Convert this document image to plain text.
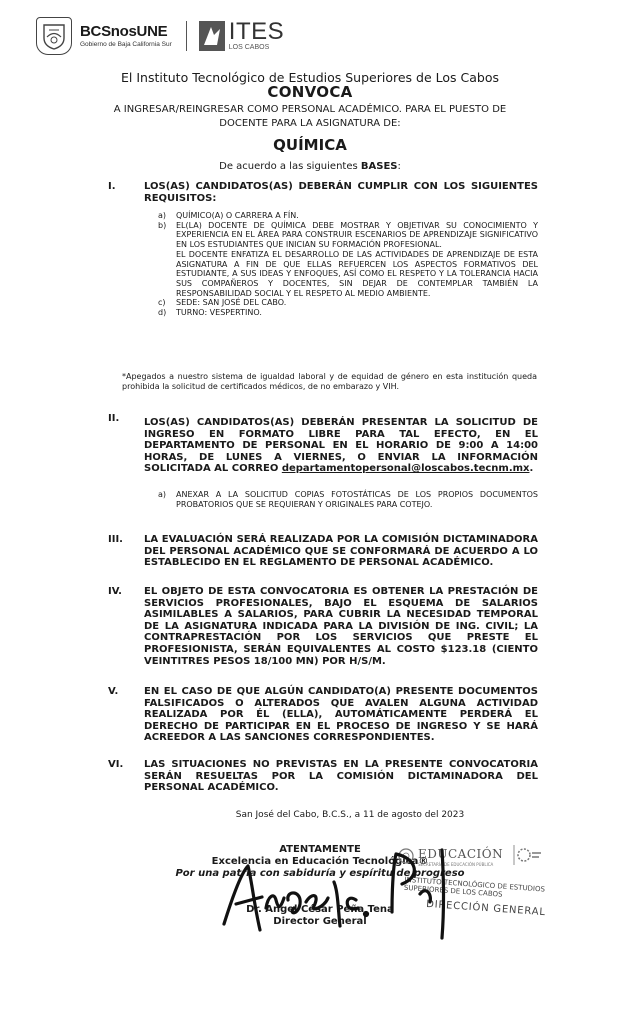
BCSnosUNE
Gobierno de Baja California Sur ITES
LOS CABOS
El Instituto Tecnológico de Estudios Superiores de Los Cabos
CONVOCA
A INGRESAR/REINGRESAR COMO PERSONAL ACADÉMICO. PARA EL PUESTO DE DOCENTE PARA LA ASIGNATURA DE:
QUÍMICA
De acuerdo a las siguientes BASES:
I.	LOS(AS) CANDIDATOS(AS) DEBERÁN CUMPLIR CON LOS SIGUIENTES REQUISITOS:
a) QUÍMICO(A) O CARRERA A FÍN.
b) EL(LA) DOCENTE DE QUÍMICA DEBE MOSTRAR Y OBJETIVAR SU CONOCIMIENTO Y EXPERIENCIA EN EL ÁREA PARA CONSTRUIR ESCENARIOS DE APRENDIZAJE SIGNIFICATIVO EN LOS ESTUDIANTES QUE INICIAN SU FORMACIÓN PROFESIONAL.
EL DOCENTE ENFATIZA EL DESARROLLO DE LAS ACTIVIDADES DE APRENDIZAJE DE ESTA ASIGNATURA A FIN DE QUE ELLAS REFUERCEN LOS ASPECTOS FORMATIVOS DEL ESTUDIANTE, A SUS IDEAS Y ENFOQUES, ASÍ COMO EL RESPETO Y LA TOLERANCIA HACIA SUS COMPAÑEROS Y DOCENTES, SIN DEJAR DE CONTEMPLAR TAMBIÉN LA RESPONSABILIDAD SOCIAL Y EL RESPETO AL MEDIO AMBIENTE.
c) SEDE: SAN JOSÉ DEL CABO.
d) TURNO: VESPERTINO.
*Apegados a nuestro sistema de igualdad laboral y de equidad de género en esta institución queda prohibida la solicitud de certificados médicos, de no embarazo y VIH.
II. LOS(AS) CANDIDATOS(AS) DEBERÁN PRESENTAR LA SOLICITUD DE INGRESO EN FORMATO LIBRE PARA TAL EFECTO, EN EL DEPARTAMENTO DE PERSONAL EN EL HORARIO DE 9:00 A 14:00 HORAS, DE LUNES A VIERNES, O ENVIAR LA INFORMACIÓN SOLICITADA AL CORREO departamentopersonal@loscabos.tecnm.mx.
a) ANEXAR A LA SOLICITUD COPIAS FOTOSTÁTICAS DE LOS PROPIOS DOCUMENTOS PROBATORIOS QUE SE REQUIERAN Y ORIGINALES PARA COTEJO.
III. LA EVALUACIÓN SERÁ REALIZADA POR LA COMISIÓN DICTAMINADORA DEL PERSONAL ACADÉMICO QUE SE CONFORMARÁ DE ACUERDO A LO ESTABLECIDO EN EL REGLAMENTO DE PERSONAL ACADÉMICO.
IV. EL OBJETO DE ESTA CONVOCATORIA ES OBTENER LA PRESTACIÓN DE SERVICIOS PROFESIONALES, BAJO EL ESQUEMA DE SALARIOS ASIMILABLES A SALARIOS, PARA CUBRIR LA NECESIDAD TEMPORAL DE LA ASIGNATURA INDICADA PARA LA DIVISIÓN DE ING. CIVIL; LA CONTRAPRESTACIÓN POR LOS SERVICIOS QUE PRESTE EL PROFESIONISTA, SERÁN EQUIVALENTES AL COSTO $123.18 (CIENTO VEINTITRES PESOS 18/100 MN) POR H/S/M.
V.	EN EL CASO DE QUE ALGÚN CANDIDATO(A) PRESENTE DOCUMENTOS FALSIFICADOS O ALTERADOS QUE AVALEN ALGUNA ACTIVIDAD REALIZADA POR ÉL (ELLA), AUTOMÁTICAMENTE PERDERÁ EL DERECHO DE PARTICIPAR EN EL PROCESO DE INGRESO Y SE HARÁ ACREEDOR A LAS SANCIONES CORRESPONDIENTES.
VI. LAS SITUACIONES NO PREVISTAS EN LA PRESENTE CONVOCATORIA SERÁN RESUELTAS POR LA COMISIÓN DICTAMINADORA DEL PERSONAL ACADÉMICO.
San José del Cabo, B.C.S., a 11 de agosto del 2023
ATENTAMENTE
Excelencia en Educación Tecnológica®
Por una patria con sabiduría y espíritu de progreso
Dr. Angel César Peña Tena
Director General
EDUCACIÓN
SECRETARÍA DE EDUCACIÓN PÚBLICA
INSTITUTO TECNOLÓGICO DE ESTUDIOS SUPERIORES DE LOS CABOS
DIRECCIÓN GENERAL
